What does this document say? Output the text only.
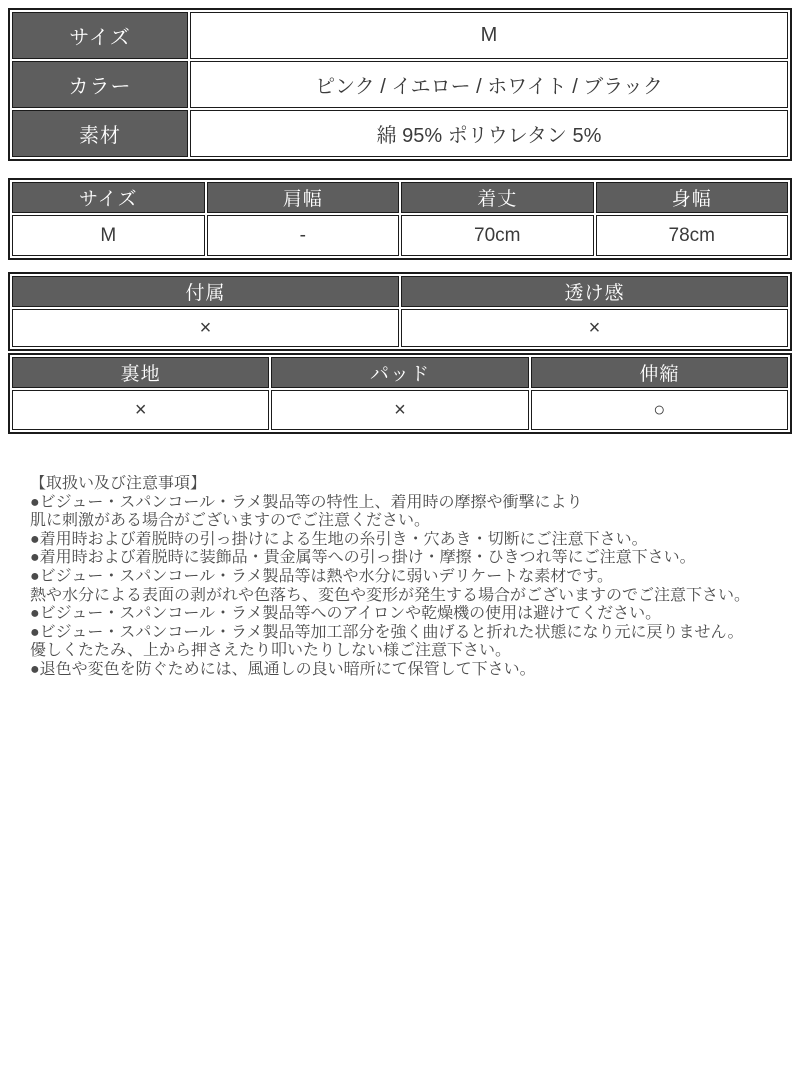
サイズ	M
カラー	ピンク / イエロー / ホワイト / ブラック
素材	綿 95% ポリウレタン 5%
サイズ	肩幅	着丈	身幅
M	-	70cm	78cm
付属	透け感
×	×
裏地	パッド	伸縮
×	×	○
【取扱い及び注意事項】
●ビジュー・スパンコール・ラメ製品等の特性上、着用時の摩擦や衝撃により
肌に刺激がある場合がございますのでご注意ください。
●着用時および着脱時の引っ掛けによる生地の糸引き・穴あき・切断にご注意下さい。
●着用時および着脱時に装飾品・貴金属等への引っ掛け・摩擦・ひきつれ等にご注意下さい。
●ビジュー・スパンコール・ラメ製品等は熱や水分に弱いデリケートな素材です。
熱や水分による表面の剥がれや色落ち、変色や変形が発生する場合がございますのでご注意下さい。
●ビジュー・スパンコール・ラメ製品等へのアイロンや乾燥機の使用は避けてください。
●ビジュー・スパンコール・ラメ製品等加工部分を強く曲げると折れた状態になり元に戻りません。
優しくたたみ、上から押さえたり叩いたりしない様ご注意下さい。
●退色や変色を防ぐためには、風通しの良い暗所にて保管して下さい。
